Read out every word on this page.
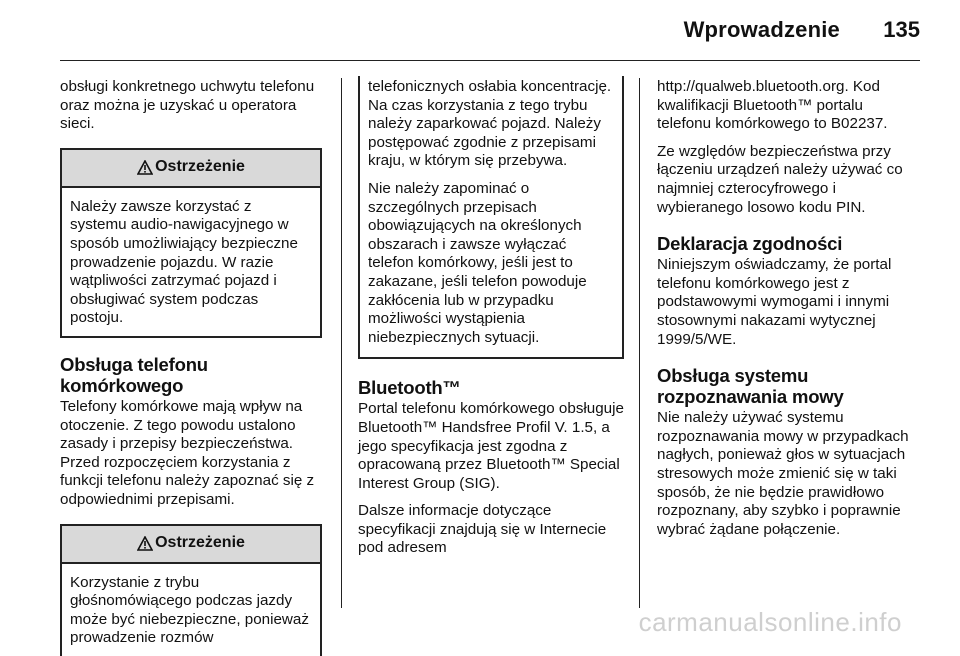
Wprowadzenie 135

obsługi konkretnego uchwytu telefonu oraz można je uzyskać u operatora sieci.

Ostrzeżenie
Należy zawsze korzystać z systemu audio-nawigacyjnego w sposób umożliwiający bezpieczne prowadzenie pojazdu. W razie wątpliwości zatrzymać pojazd i obsługiwać system podczas postoju.
Obsługa telefonu komórkowego

Telefony komórkowe mają wpływ na otoczenie. Z tego powodu ustalono zasady i przepisy bezpieczeństwa. Przed rozpoczęciem korzystania z funkcji telefonu należy zapoznać się z odpowiednimi przepisami.

Ostrzeżenie
Korzystanie z trybu głośnomówiącego podczas jazdy może być niebezpieczne, ponieważ prowadzenie rozmów

telefonicznych osłabia koncentrację. Na czas korzystania z tego trybu należy zaparkować pojazd. Należy postępować zgodnie z przepisami kraju, w którym się przebywa.

Nie należy zapominać o szczególnych przepisach obowiązujących na określonych obszarach i zawsze wyłączać telefon komórkowy, jeśli jest to zakazane, jeśli telefon powoduje zakłócenia lub w przypadku możliwości wystąpienia niebezpiecznych sytuacji.

Bluetooth™

Portal telefonu komórkowego obsługuje Bluetooth™ Handsfree Profil V. 1.5, a jego specyfikacja jest zgodna z opracowaną przez Bluetooth™ Special Interest Group (SIG).

Dalsze informacje dotyczące specyfikacji znajdują się w Internecie pod adresem

http://qualweb.bluetooth.org. Kod kwalifikacji Bluetooth™ portalu telefonu komórkowego to B02237.

Ze względów bezpieczeństwa przy łączeniu urządzeń należy używać co najmniej czterocyfrowego i wybieranego losowo kodu PIN.

Deklaracja zgodności

Niniejszym oświadczamy, że portal telefonu komórkowego jest z podstawowymi wymogami i innymi stosownymi nakazami wytycznej 1999/5/WE.

Obsługa systemu rozpoznawania mowy

Nie należy używać systemu rozpoznawania mowy w przypadkach nagłych, ponieważ głos w sytuacjach stresowych może zmienić się w taki sposób, że nie będzie prawidłowo rozpoznany, aby szybko i poprawnie wybrać żądane połączenie.

carmanualsonline.info
